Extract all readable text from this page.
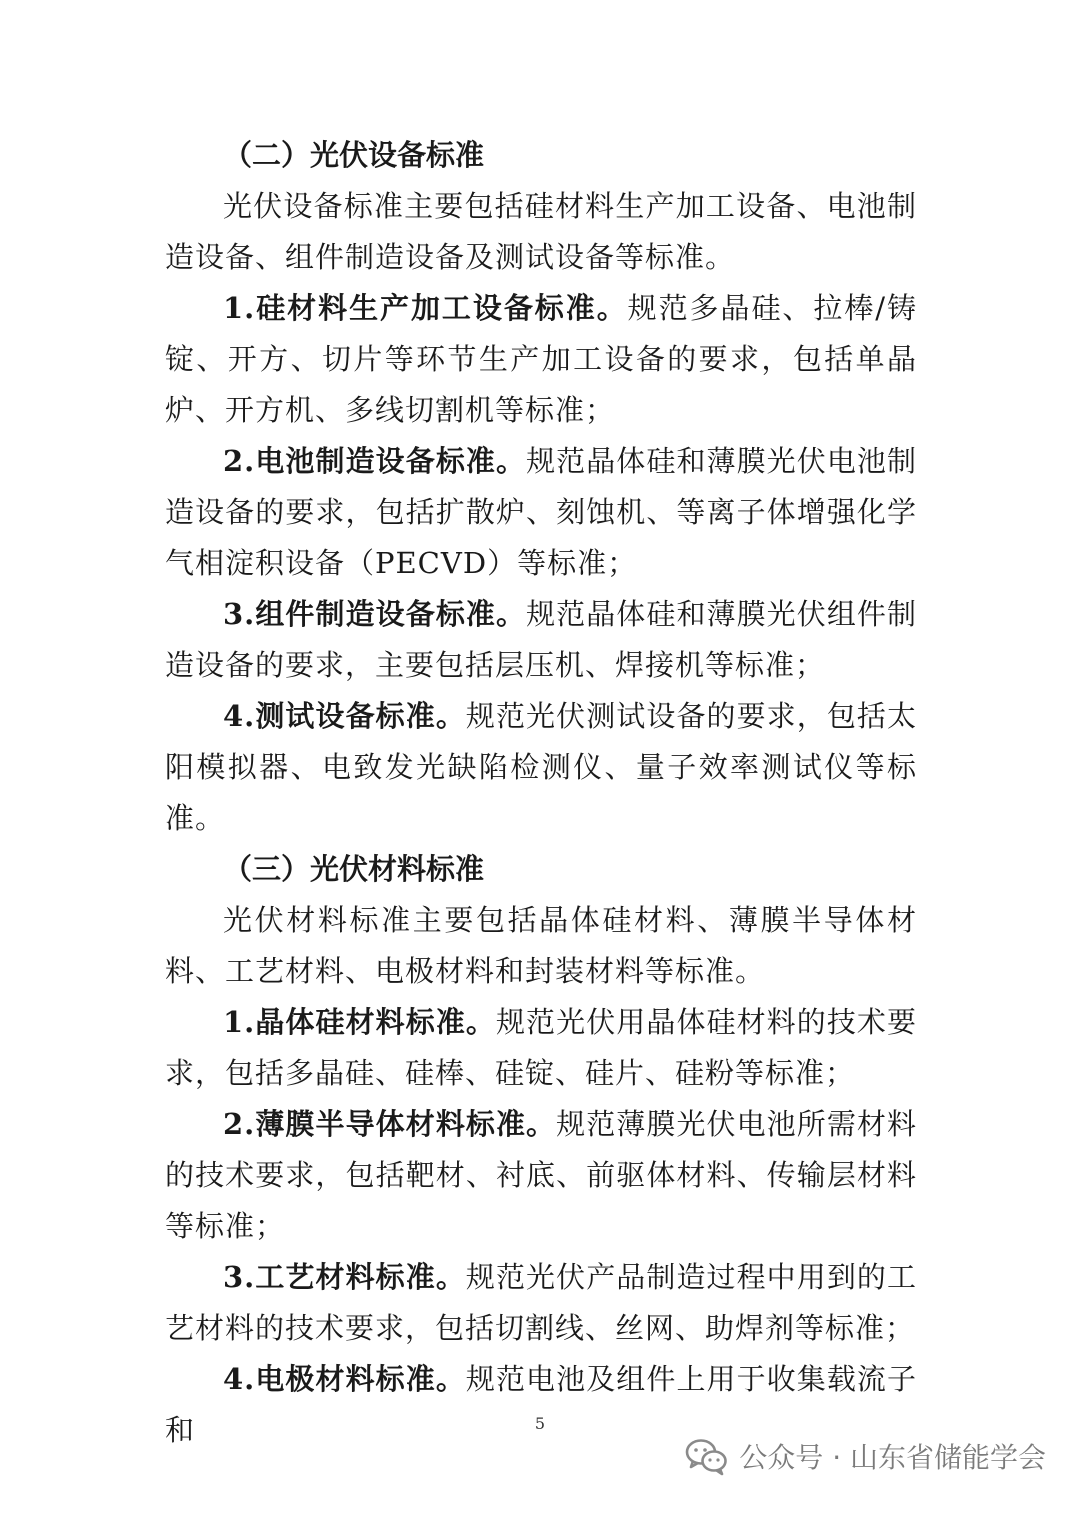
（二）光伏设备标准

光伏设备标准主要包括硅材料生产加工设备、电池制造设备、组件制造设备及测试设备等标准。

1.硅材料生产加工设备标准。规范多晶硅、拉棒/铸锭、开方、切片等环节生产加工设备的要求，包括单晶炉、开方机、多线切割机等标准；

2.电池制造设备标准。规范晶体硅和薄膜光伏电池制造设备的要求，包括扩散炉、刻蚀机、等离子体增强化学气相淀积设备（PECVD）等标准；

3.组件制造设备标准。规范晶体硅和薄膜光伏组件制造设备的要求，主要包括层压机、焊接机等标准；

4.测试设备标准。规范光伏测试设备的要求，包括太阳模拟器、电致发光缺陷检测仪、量子效率测试仪等标准。

（三）光伏材料标准

光伏材料标准主要包括晶体硅材料、薄膜半导体材料、工艺材料、电极材料和封装材料等标准。

1.晶体硅材料标准。规范光伏用晶体硅材料的技术要求，包括多晶硅、硅棒、硅锭、硅片、硅粉等标准；

2.薄膜半导体材料标准。规范薄膜光伏电池所需材料的技术要求，包括靶材、衬底、前驱体材料、传输层材料等标准；

3.工艺材料标准。规范光伏产品制造过程中用到的工艺材料的技术要求，包括切割线、丝网、助焊剂等标准；

4.电极材料标准。规范电池及组件上用于收集载流子和	5
公众号 · 山东省储能学会
